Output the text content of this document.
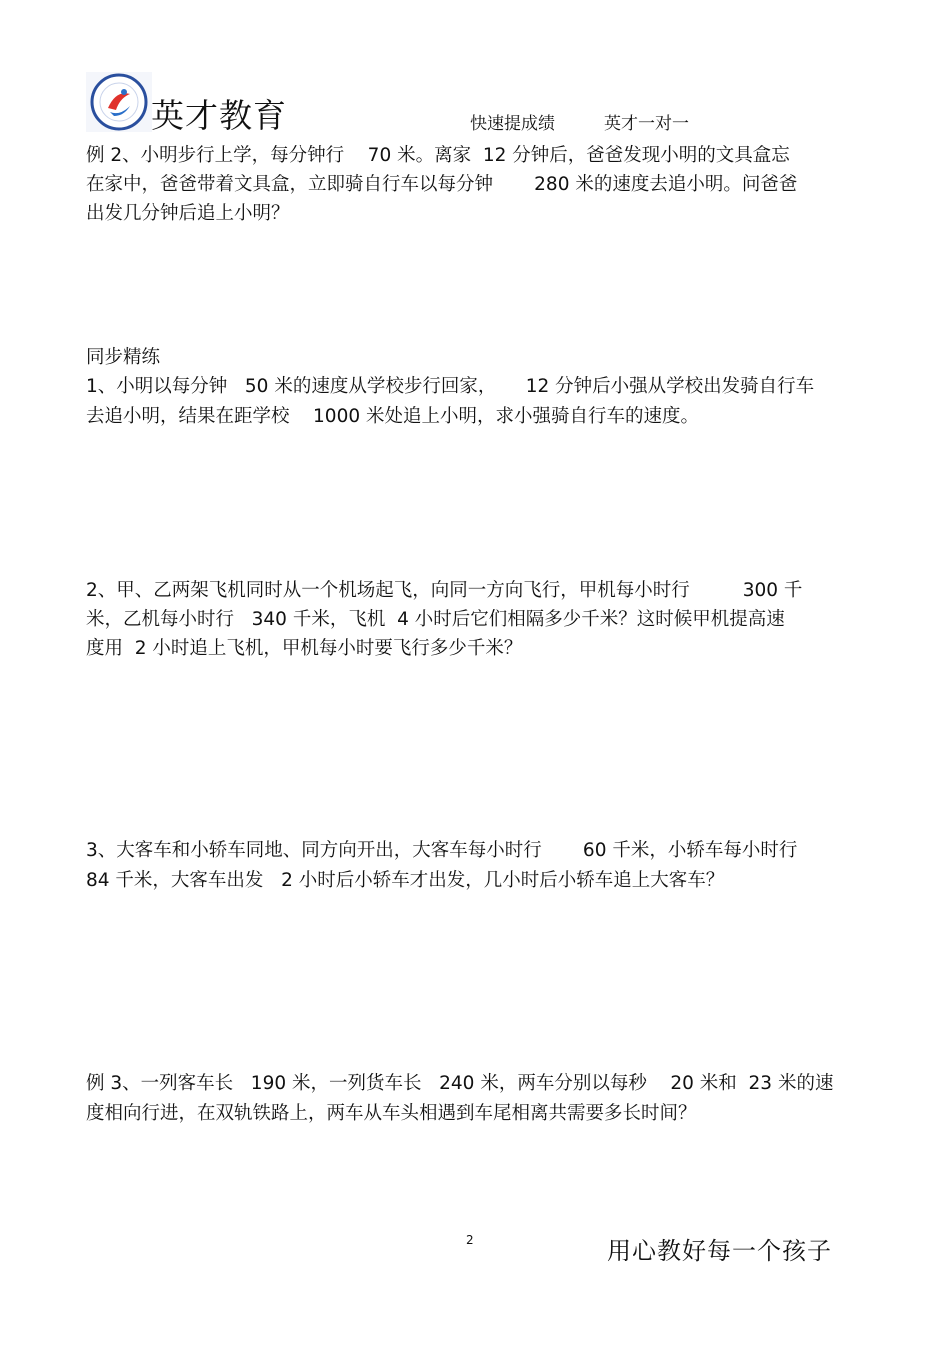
英才教育	快速提成绩	英才一对一
例 2、小明步行上学，每分钟行    70 米。离家  12 分钟后，爸爸发现小明的文具盒忘
在家中，爸爸带着文具盒，立即骑自行车以每分钟       280 米的速度去追小明。问爸爸
出发几分钟后追上小明？
同步精练
1、小明以每分钟   50 米的速度从学校步行回家，     12 分钟后小强从学校出发骑自行车
去追小明，结果在距学校    1000 米处追上小明，求小强骑自行车的速度。
2、甲、乙两架飞机同时从一个机场起飞，向同一方向飞行，甲机每小时行         300 千
米，乙机每小时行   340 千米，飞机  4 小时后它们相隔多少千米？这时候甲机提高速
度用  2 小时追上飞机，甲机每小时要飞行多少千米？
3、大客车和小轿车同地、同方向开出，大客车每小时行       60 千米，小轿车每小时行
84 千米，大客车出发   2 小时后小轿车才出发，几小时后小轿车追上大客车？
例 3、一列客车长   190 米，一列货车长   240 米，两车分别以每秒    20 米和  23 米的速
度相向行进，在双轨铁路上，两车从车头相遇到车尾相离共需要多长时间？
2	用心教好每一个孩子
